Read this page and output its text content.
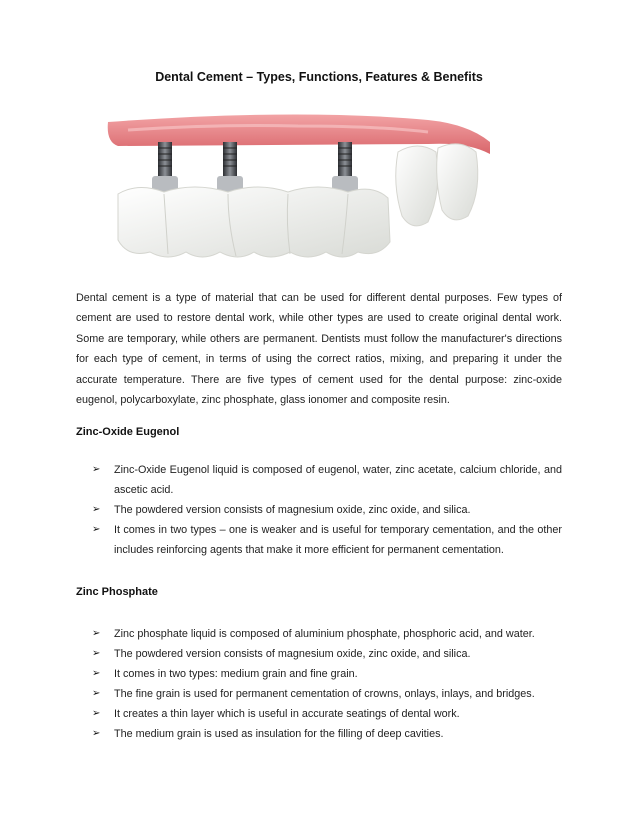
Dental Cement – Types, Functions, Features & Benefits
Dental cement is a type of material that can be used for different dental purposes. Few types of cement are used to restore dental work, while other types are used to create original dental work. Some are temporary, while others are permanent. Dentists must follow the manufacturer's directions for each type of cement, in terms of using the correct ratios, mixing, and preparing it under the accurate temperature. There are five types of cement used for the dental purpose: zinc-oxide eugenol, polycarboxylate, zinc phosphate, glass ionomer and composite resin.
Zinc-Oxide Eugenol
➢ Zinc-Oxide Eugenol liquid is composed of eugenol, water, zinc acetate, calcium chloride, and ascetic acid.
➢ The powdered version consists of magnesium oxide, zinc oxide, and silica.
➢ It comes in two types – one is weaker and is useful for temporary cementation, and the other includes reinforcing agents that make it more efficient for permanent cementation.
Zinc Phosphate
➢ Zinc phosphate liquid is composed of aluminium phosphate, phosphoric acid, and water.
➢ The powdered version consists of magnesium oxide, zinc oxide, and silica.
➢ It comes in two types: medium grain and fine grain.
➢ The fine grain is used for permanent cementation of crowns, onlays, inlays, and bridges.
➢ It creates a thin layer which is useful in accurate seatings of dental work.
➢ The medium grain is used as insulation for the filling of deep cavities.
